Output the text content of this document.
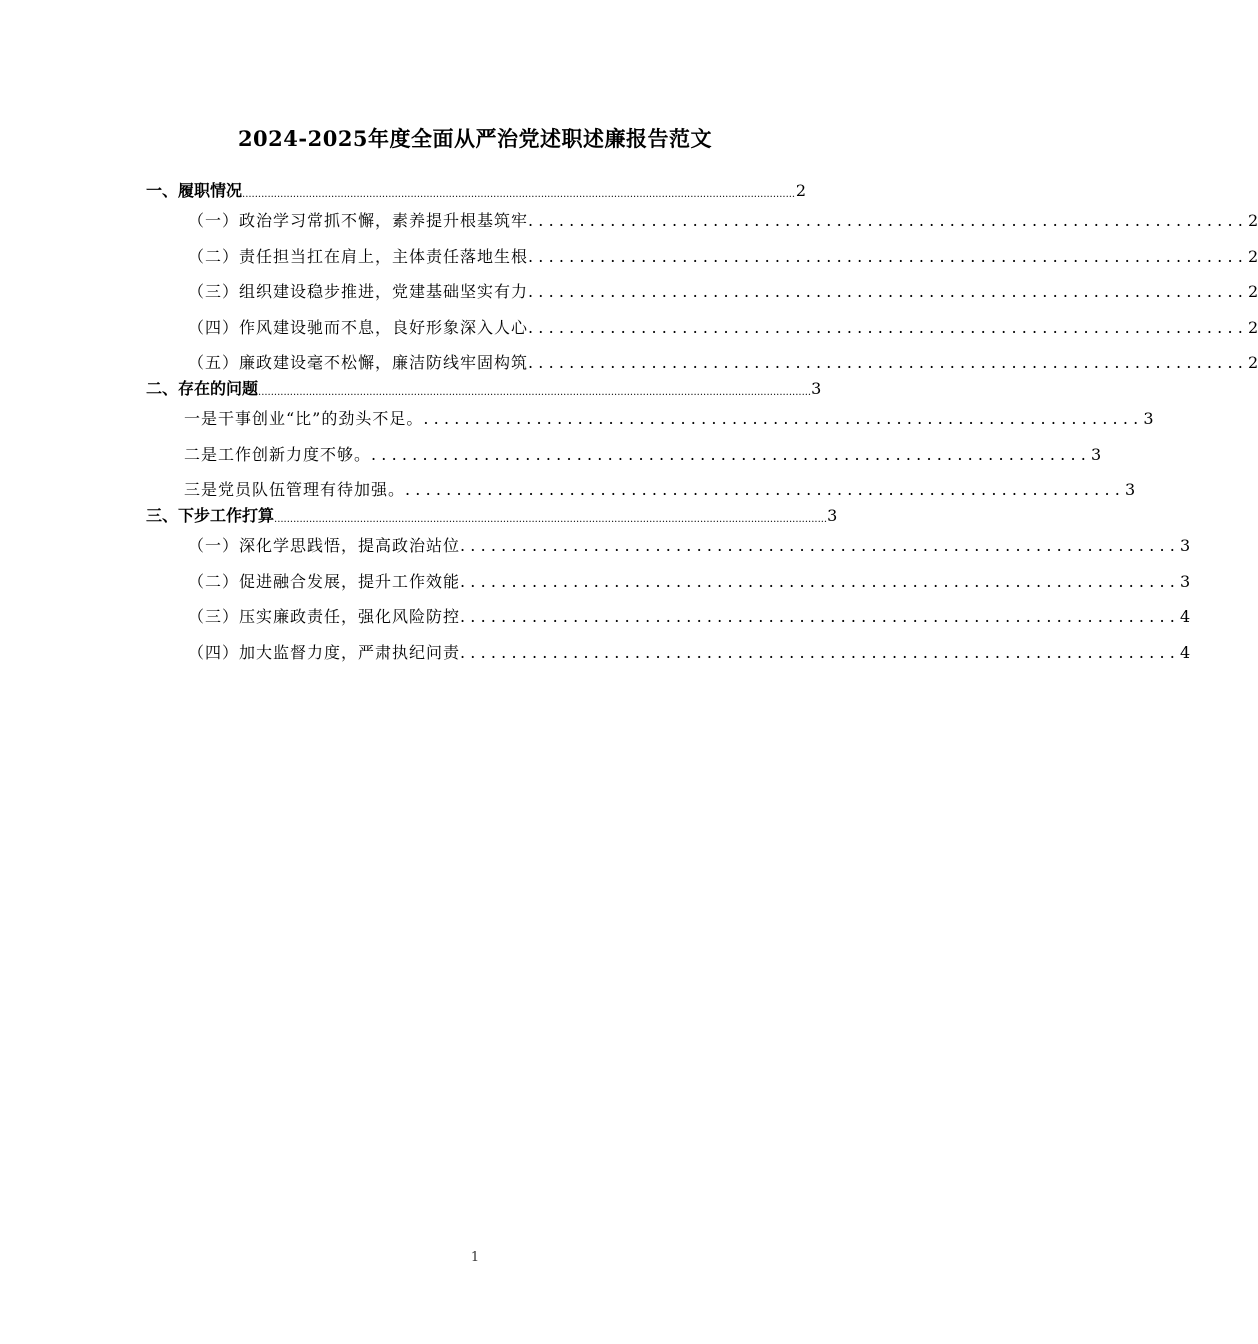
2024-2025年度全面从严治党述职述廉报告范文
一、履职情况 .............................................................................................................................................................................. 2
（一）政治学习常抓不懈，素养提升根基筑牢 ...................................................................... 2
（二）责任担当扛在肩上，主体责任落地生根 ...................................................................... 2
（三）组织建设稳步推进，党建基础坚实有力 ...................................................................... 2
（四）作风建设驰而不息，良好形象深入人心 ...................................................................... 2
（五）廉政建设毫不松懈，廉洁防线牢固构筑 ...................................................................... 2
二、存在的问题 .............................................................................................................................................................................. 3
一是干事创业“比”的劲头不足。 ...................................................................... 3
二是工作创新力度不够。 ...................................................................... 3
三是党员队伍管理有待加强。 ...................................................................... 3
三、下步工作打算 .............................................................................................................................................................................. 3
（一）深化学思践悟，提高政治站位 ...................................................................... 3
（二）促进融合发展，提升工作效能 ...................................................................... 3
（三）压实廉政责任，强化风险防控 ...................................................................... 4
（四）加大监督力度，严肃执纪问责 ...................................................................... 4
1
